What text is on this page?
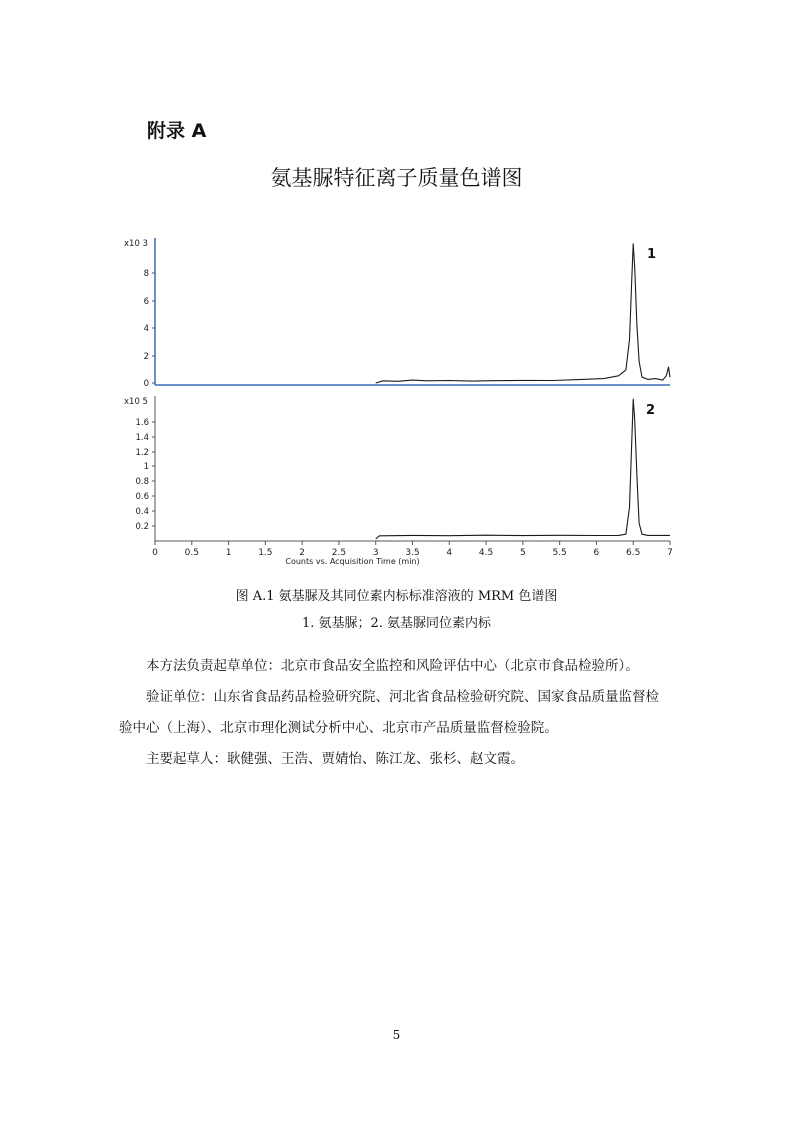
附录 A
氨基脲特征离子质量色谱图
x10 3
0
2
4
6
8
1
x10 5
0.2
0.4
0.6
0.8
1
1.2
1.4
1.6
2
0	0.5	1	1.5	2	2.5	3	3.5	4	4.5	5	5.5	6	6.5	7
Counts vs. Acquisition Time (min)
图 A.1 氨基脲及其同位素内标标准溶液的 MRM 色谱图
1. 氨基脲；2. 氨基脲同位素内标
本方法负责起草单位：北京市食品安全监控和风险评估中心（北京市食品检验所）。
验证单位：山东省食品药品检验研究院、河北省食品检验研究院、国家食品质量监督检
验中心（上海）、北京市理化测试分析中心、北京市产品质量监督检验院。
主要起草人：耿健强、王浩、贾婧怡、陈江龙、张杉、赵文霞。
5
